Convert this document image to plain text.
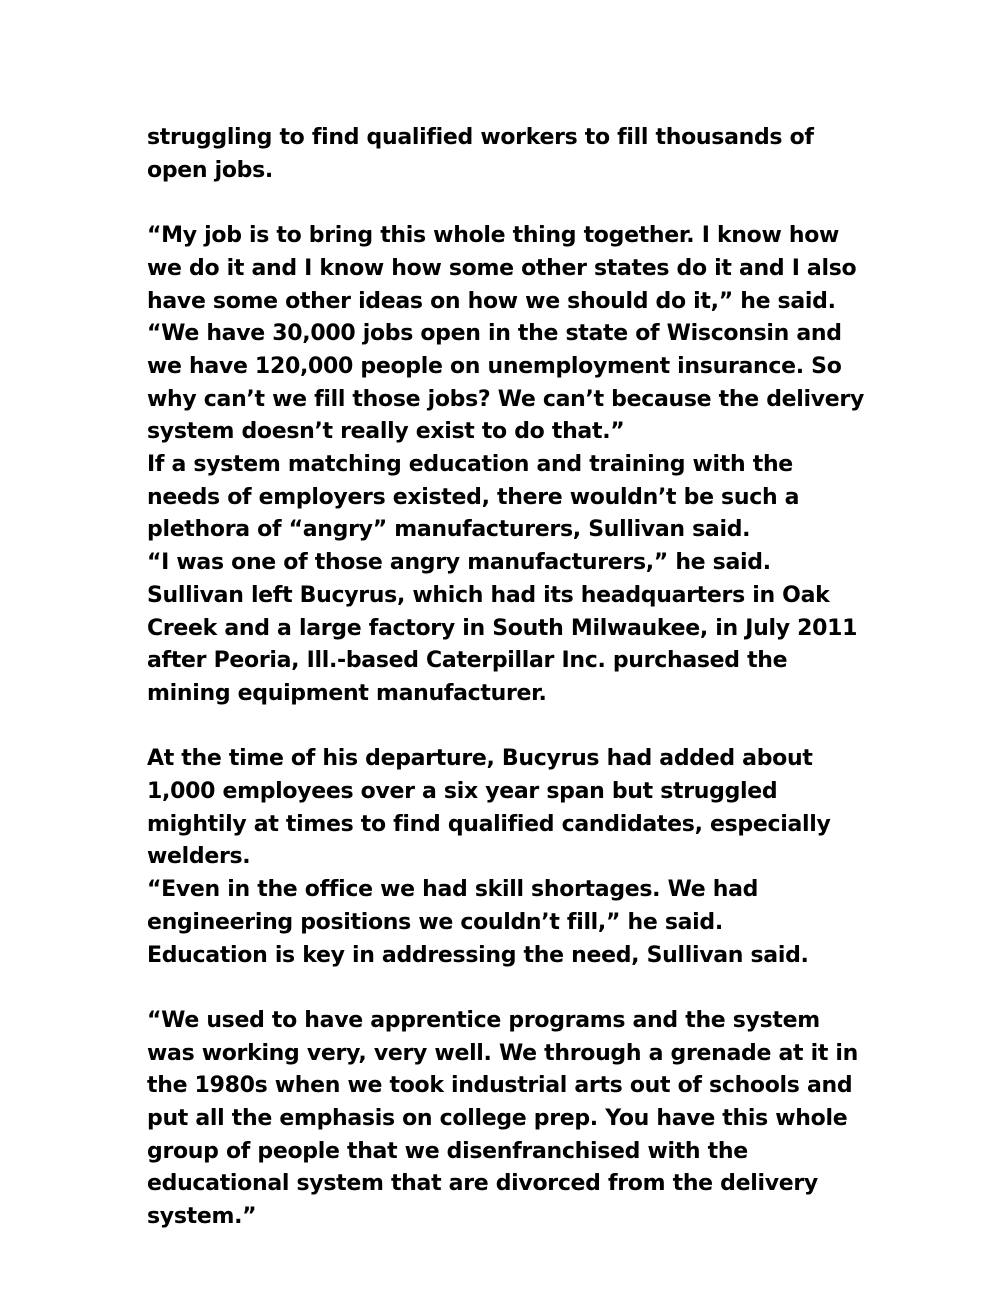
struggling to find qualified workers to fill thousands of open jobs.

“My job is to bring this whole thing together. I know how we do it and I know how some other states do it and I also have some other ideas on how we should do it,” he said. “We have 30,000 jobs open in the state of Wisconsin and we have 120,000 people on unemployment insurance. So why can’t we fill those jobs? We can’t because the delivery system doesn’t really exist to do that.”

If a system matching education and training with the needs of employers existed, there wouldn’t be such a plethora of “angry” manufacturers, Sullivan said.

“I was one of those angry manufacturers,” he said.

Sullivan left Bucyrus, which had its headquarters in Oak Creek and a large factory in South Milwaukee, in July 2011 after Peoria, Ill.-based Caterpillar Inc. purchased the mining equipment manufacturer.

At the time of his departure, Bucyrus had added about 1,000 employees over a six year span but struggled mightily at times to find qualified candidates, especially welders.

“Even in the office we had skill shortages. We had engineering positions we couldn’t fill,” he said.

Education is key in addressing the need, Sullivan said.

“We used to have apprentice programs and the system was working very, very well. We through a grenade at it in the 1980s when we took industrial arts out of schools and put all the emphasis on college prep. You have this whole group of people that we disenfranchised with the educational system that are divorced from the delivery system.”
